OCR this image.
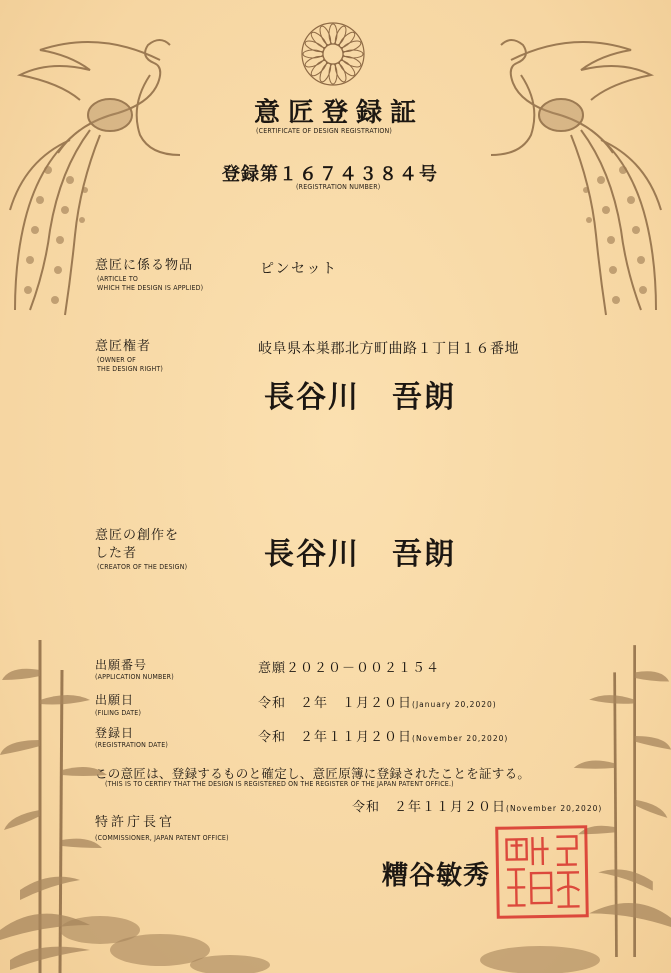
意匠登録証
(CERTIFICATE OF DESIGN REGISTRATION)
登録第１６７４３８４号
(REGISTRATION NUMBER)
意匠に係る物品
(ARTICLE TO
WHICH THE DESIGN IS APPLIED)
ピンセット
意匠権者
(OWNER OF
THE DESIGN RIGHT)
岐阜県本巣郡北方町曲路１丁目１６番地
長谷川　吾朗
意匠の創作を
した者
(CREATOR OF THE DESIGN)	長谷川　吾朗
出願番号
(APPLICATION NUMBER)
意願２０２０－００２１５４
出願日
(FILING DATE)
令和　２年　１月２０日(January 20,2020)
登録日
(REGISTRATION DATE)	令和　２年１１月２０日(November 20,2020)
この意匠は、登録するものと確定し、意匠原簿に登録されたことを証する。
(THIS IS TO CERTIFY THAT THE DESIGN IS REGISTERED ON THE REGISTER OF THE JAPAN PATENT OFFICE.)
令和　２年１１月２０日(November 20,2020)
特許庁長官
(COMMISSIONER, JAPAN PATENT OFFICE)
糟谷敏秀
